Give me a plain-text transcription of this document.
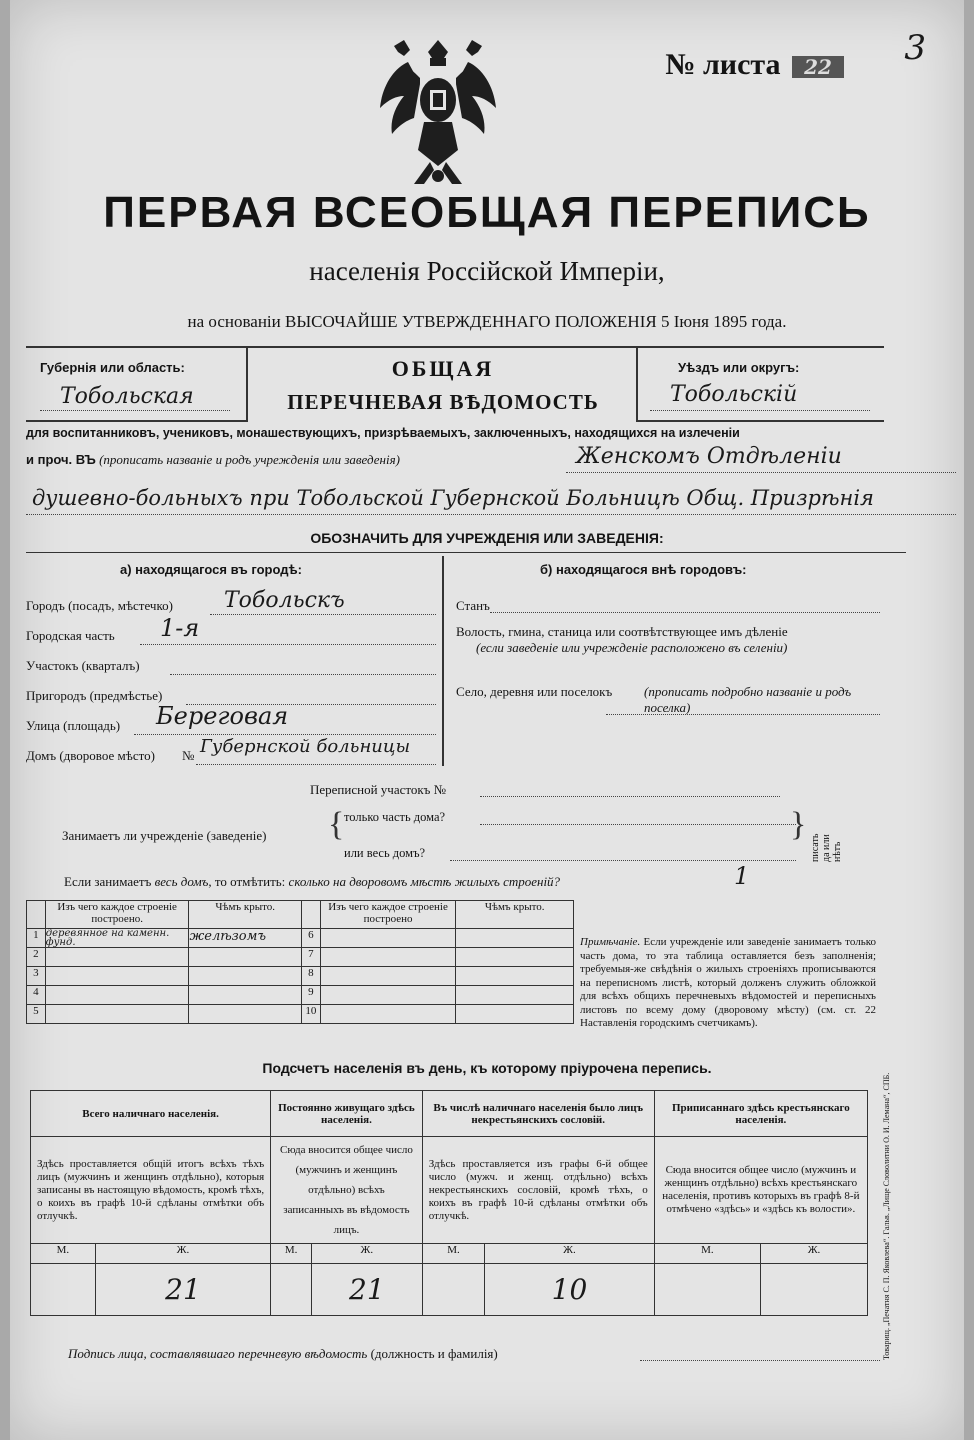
№ листа 22	3
ПЕРВАЯ ВСЕОБЩАЯ ПЕРЕПИСЬ
населенія Россійской Имперіи,
на основаніи ВЫСОЧАЙШЕ УТВЕРЖДЕННАГО ПОЛОЖЕНІЯ 5 Іюня 1895 года.
Губернія или область:
Тобольская
Уѣздъ или округъ:
Тобольскій
ОБЩАЯ
ПЕРЕЧНЕВАЯ ВѢДОМОСТЬ
для воспитанниковъ, учениковъ, монашествующихъ, призрѣваемыхъ, заключенныхъ, находящихся на излеченіи
и проч. ВЪ (прописать названіе и родъ учрежденія или заведенія)	Женскомъ Отдѣленіи
душевно-больныхъ при Тобольской Губернской Больницѣ Общ. Призрѣнія
ОБОЗНАЧИТЬ ДЛЯ УЧРЕЖДЕНІЯ ИЛИ ЗАВЕДЕНІЯ:
а) находящагося въ городѣ:
Городъ (посадъ, мѣстечко) Тобольскъ
Городская часть 1-я
Участокъ (кварталъ)
Пригородъ (предмѣстье)
Улица (площадь) Береговая
Домъ (дворовое мѣсто) № Губернской больницы
б) находящагося внѣ городовъ:
Станъ
Волость, гмина, станица или соотвѣтствующее имъ дѣленіе
(если заведеніе или учрежденіе расположено въ селеніи)
Село, деревня или поселокъ (прописать подробно названіе и родъ поселка)
Переписной участокъ №
Занимаетъ ли учрежденіе (заведеніе) { только часть дома?
или весь домъ?
}
писать
да или
нѣтъ
Если занимаетъ весь домъ, то отмѣтить: сколько на дворовомъ мѣстѣ жилыхъ строеній?	1
	Изъ чего каждое строеніе построено.	Чѣмъ крыто.		Изъ чего каждое строеніе построено	Чѣмъ крыто.
1	деревянное на каменн. фунд.	желѣзомъ	6		
2			7		
3			8		
4			9		
5			10		
Примѣчаніе. Если учрежденіе или заведеніе занимаетъ только часть дома, то эта таблица оставляется безъ заполненія; требуемыя-же свѣдѣнія о жилыхъ строеніяхъ прописываются на переписномъ листѣ, который долженъ служить обложкой для всѣхъ общихъ перечневыхъ вѣдомостей и переписныхъ листовъ по всему дому (дворовому мѣсту) (см. ст. 22 Наставленія городскимъ счетчикамъ).
Подсчетъ населенія въ день, къ которому пріурочена перепись.
Всего наличнаго населенія.		Постоянно живущаго здѣсь населенія.		Въ числѣ наличнаго населенія было лицъ некрестьянскихъ сословій.		Приписаннаго здѣсь крестьянскаго населенія.	
Здѣсь проставляется общій итогъ всѣхъ тѣхъ лицъ (мужчинъ и женщинъ отдѣльно), которыя записаны въ настоящую вѣдомость, кромѣ тѣхъ, о коихъ въ графѣ 10-й сдѣланы отмѣтки объ отлучкѣ.		Сюда вносится общее число (мужчинъ и женщинъ отдѣльно) всѣхъ записанныхъ въ вѣдомость лицъ.		Здѣсь проставляется изъ графы 6-й общее число (мужч. и женщ. отдѣльно) всѣхъ некрестьянскихъ сословій, кромѣ тѣхъ, о коихъ въ графѣ 10-й сдѣланы отмѣтки объ отлучкѣ.		Сюда вносится общее число (мужчинъ и женщинъ отдѣльно) всѣхъ крестьянскаго населенія, противъ которыхъ въ графѣ 8-й отмѣчено «здѣсь» и «здѣсь къ волости».	
М.	Ж.	М.	Ж.	М.	Ж.	М.	Ж.
	21		21		10			Товарищ. „Печатня С. П. Яковлева“. Гальв. „Лище Словолитни О. И. Лемана“, СПБ.
Подпись лица, составлявшаго перечневую вѣдомость (должность и фамилія)
